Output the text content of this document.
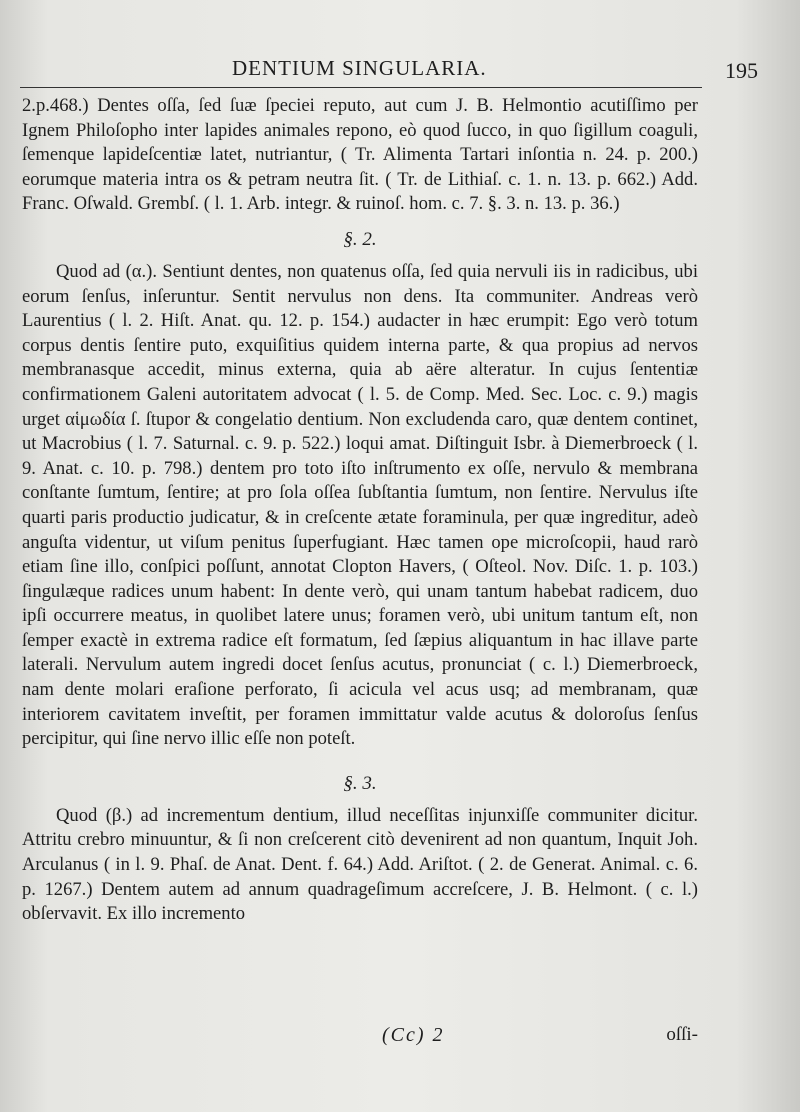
DENTIUM SINGULARIA.	195

2.p.468.) Dentes oſſa, ſed ſuæ ſpeciei reputo, aut cum J. B. Helmontio acutiſſimo per Ignem Philoſopho inter lapides animales repono, eò quod ſucco, in quo ſigillum coaguli, ſemenque lapideſcentiæ latet, nutriantur, ( Tr. Alimenta Tartari inſontia n. 24. p. 200.) eorumque materia intra os & petram neutra ſit. ( Tr. de Lithiaſ. c. 1. n. 13. p. 662.) Add. Franc. Oſwald. Grembſ. ( l. 1. Arb. integr. & ruinoſ. hom. c. 7. §. 3. n. 13. p. 36.)

§. 2.

Quod ad (α.). Sentiunt dentes, non quatenus oſſa, ſed quia nervuli iis in radicibus, ubi eorum ſenſus, inſeruntur. Sentit nervulus non dens. Ita communiter. Andreas verò Laurentius ( l. 2. Hiſt. Anat. qu. 12. p. 154.) audacter in hæc erumpit: Ego verò totum corpus dentis ſentire puto, exquiſitius quidem interna parte, & qua propius ad nervos membranasque accedit, minus externa, quia ab aëre alteratur. In cujus ſententiæ confirmationem Galeni autoritatem advocat ( l. 5. de Comp. Med. Sec. Loc. c. 9.) magis urget αἱμωδία ſ. ſtupor & congelatio dentium. Non excludenda caro, quæ dentem continet, ut Macrobius ( l. 7. Saturnal. c. 9. p. 522.) loqui amat. Diſtinguit Isbr. à Diemerbroeck ( l. 9. Anat. c. 10. p. 798.) dentem pro toto iſto inſtrumento ex oſſe, nervulo & membrana conſtante ſumtum, ſentire; at pro ſola oſſea ſubſtantia ſumtum, non ſentire. Nervulus iſte quarti paris productio judicatur, & in creſcente ætate foraminula, per quæ ingreditur, adeò anguſta videntur, ut viſum penitus ſuperfugiant. Hæc tamen ope microſcopii, haud rarò etiam ſine illo, conſpici poſſunt, annotat Clopton Havers, ( Oſteol. Nov. Diſc. 1. p. 103.) ſingulæque radices unum habent: In dente verò, qui unam tantum habebat radicem, duo ipſi occurrere meatus, in quolibet latere unus; foramen verò, ubi unitum tantum eſt, non ſemper exactè in extrema radice eſt formatum, ſed ſæpius aliquantum in hac illave parte laterali. Nervulum autem ingredi docet ſenſus acutus, pronunciat ( c. l.) Diemerbroeck, nam dente molari eraſione perforato, ſi acicula vel acus usq; ad membranam, quæ interiorem cavitatem inveſtit, per foramen immittatur valde acutus & doloroſus ſenſus percipitur, qui ſine nervo illic eſſe non poteſt.

§. 3.

Quod (β.) ad incrementum dentium, illud neceſſitas injunxiſſe communiter dicitur. Attritu crebro minuuntur, & ſi non creſcerent citò devenirent ad non quantum, Inquit Joh. Arculanus ( in l. 9. Phaſ. de Anat. Dent. f. 64.) Add. Ariſtot. ( 2. de Generat. Animal. c. 6. p. 1267.) Dentem autem ad annum quadrageſimum accreſcere, J. B. Helmont. ( c. l.) obſervavit. Ex illo incremento

(Cc) 2	oſſi-
